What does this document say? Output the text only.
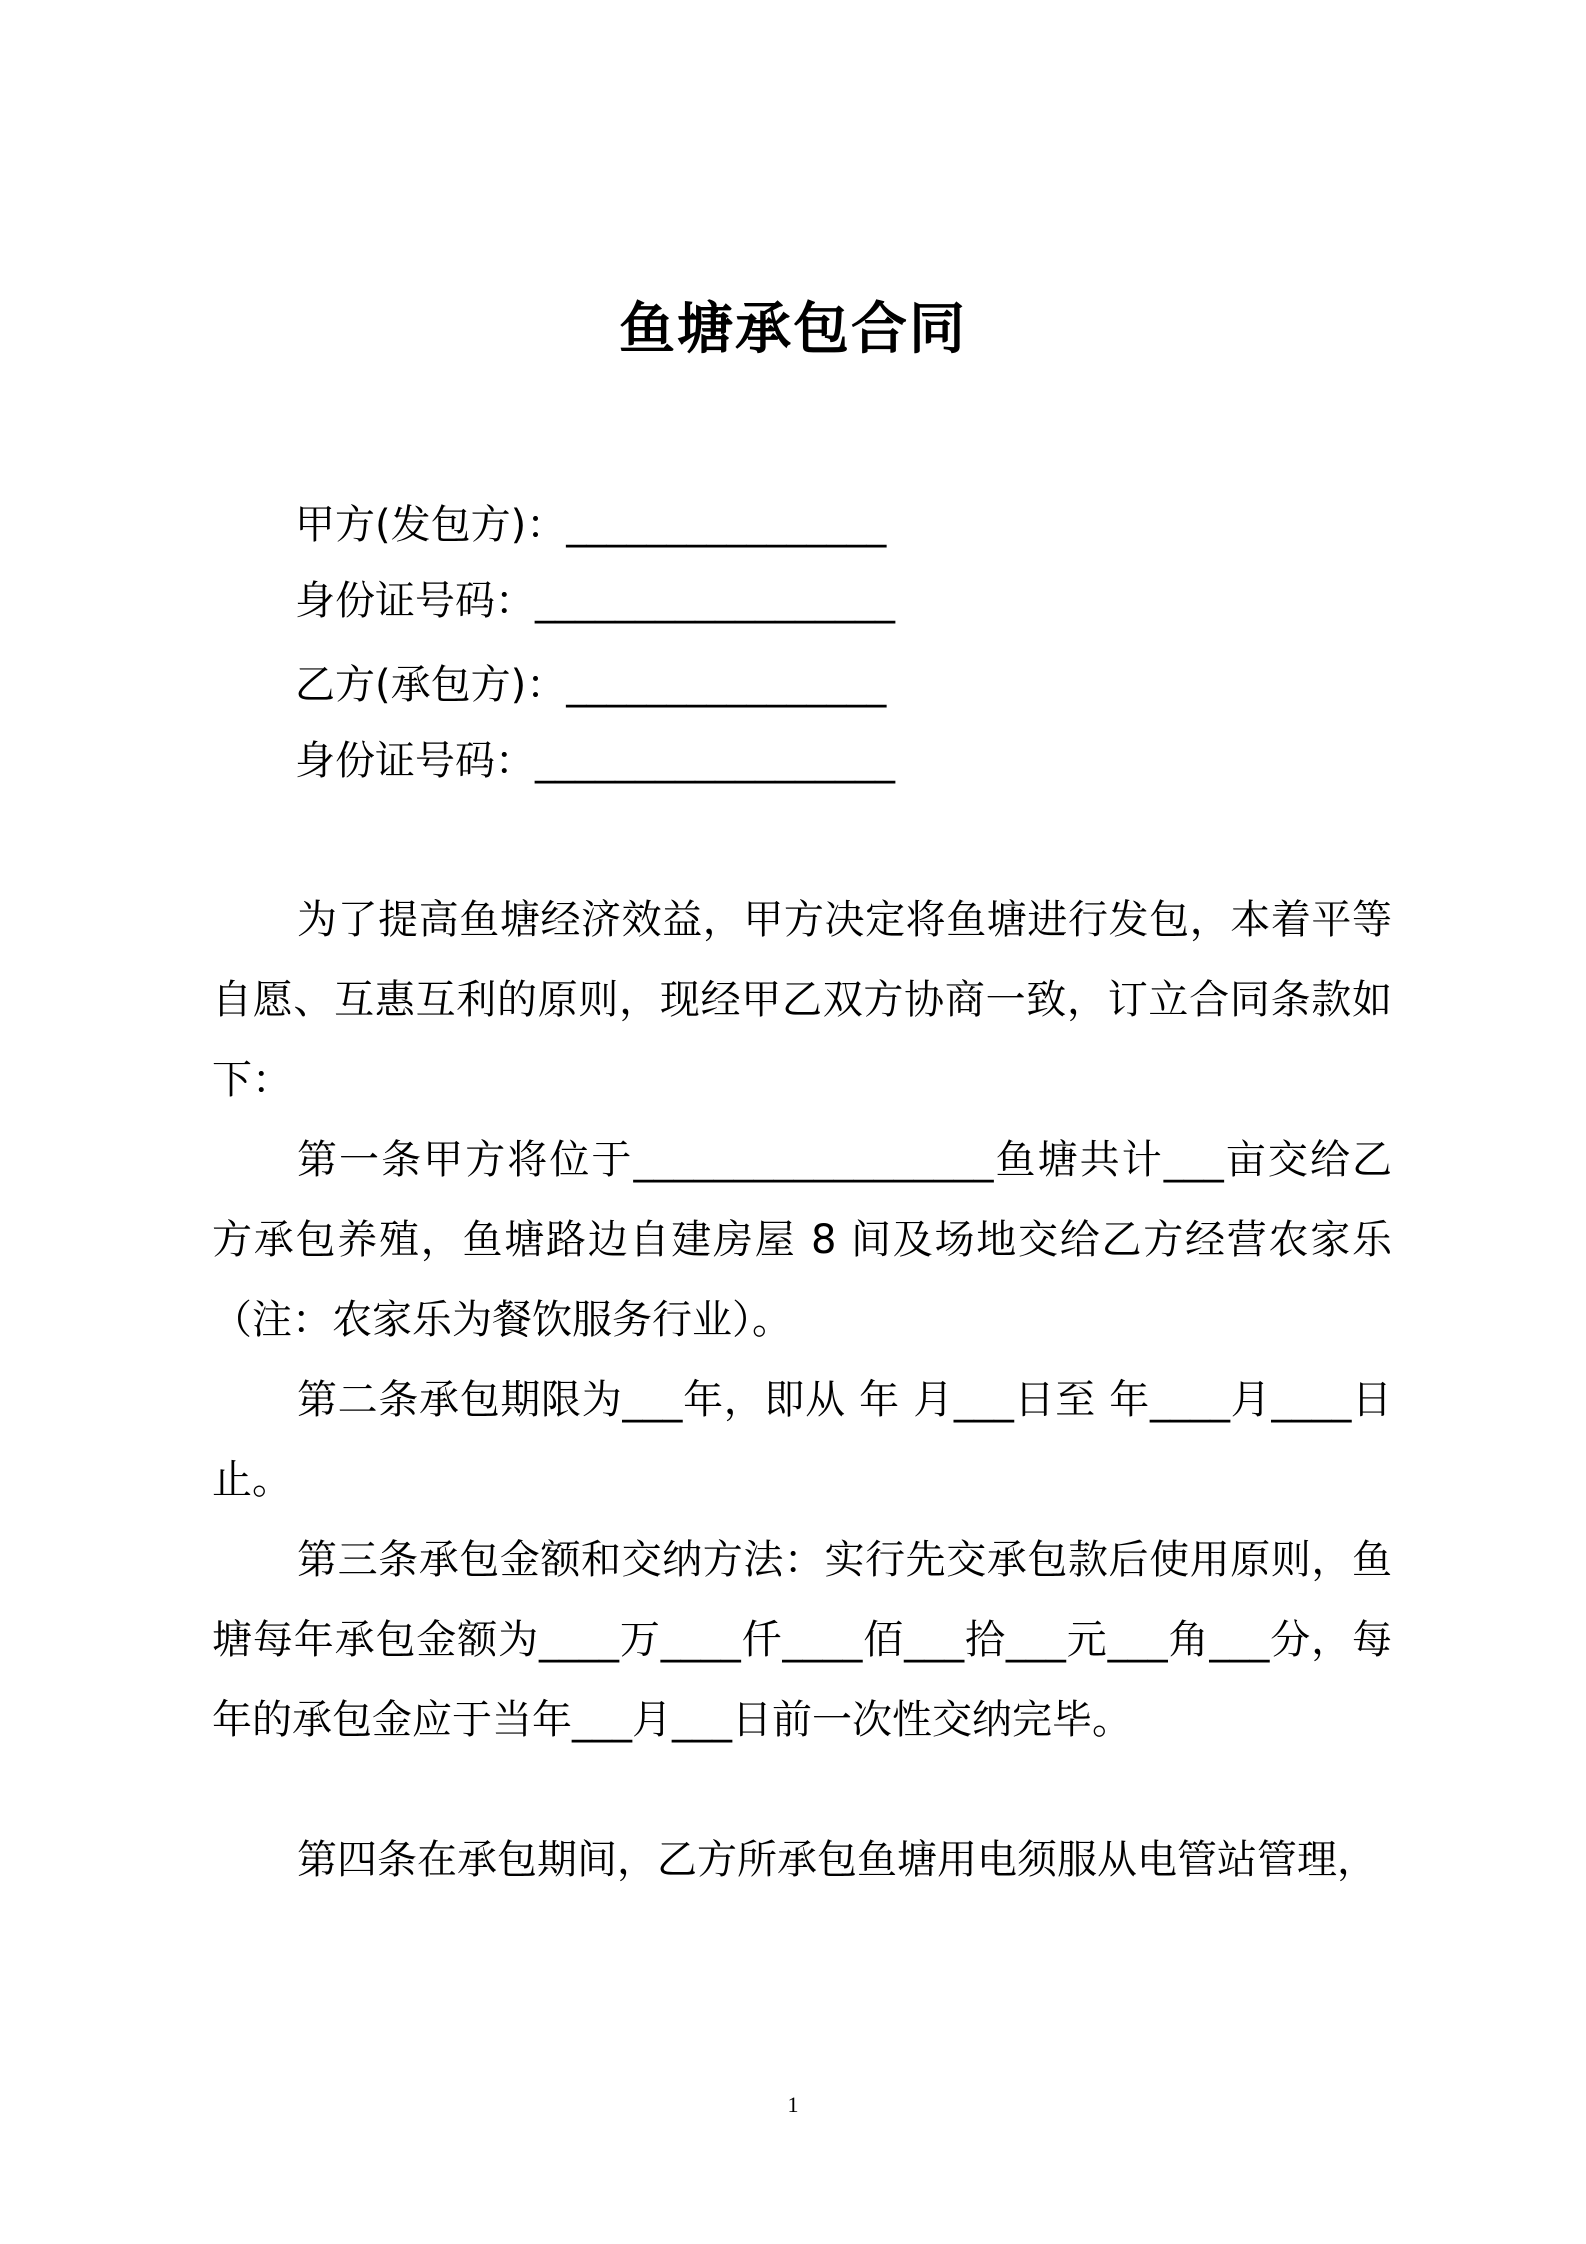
鱼塘承包合同
甲方(发包方)：________________
身份证号码：__________________
乙方(承包方)：________________
身份证号码：__________________

为了提高鱼塘经济效益，甲方决定将鱼塘进行发包，本着平等自愿、互惠互利的原则，现经甲乙双方协商一致，订立合同条款如下：

第一条甲方将位于__________________鱼塘共计___亩交给乙方承包养殖，鱼塘路边自建房屋 8 间及场地交给乙方经营农家乐（注：农家乐为餐饮服务行业）。

第二条承包期限为___年，即从 年 月___日至 年____月____日止。

第三条承包金额和交纳方法：实行先交承包款后使用原则，鱼塘每年承包金额为____万____仟____佰___拾___元___角___分，每年的承包金应于当年___月___日前一次性交纳完毕。

第四条在承包期间，乙方所承包鱼塘用电须服从电管站管理，

1
